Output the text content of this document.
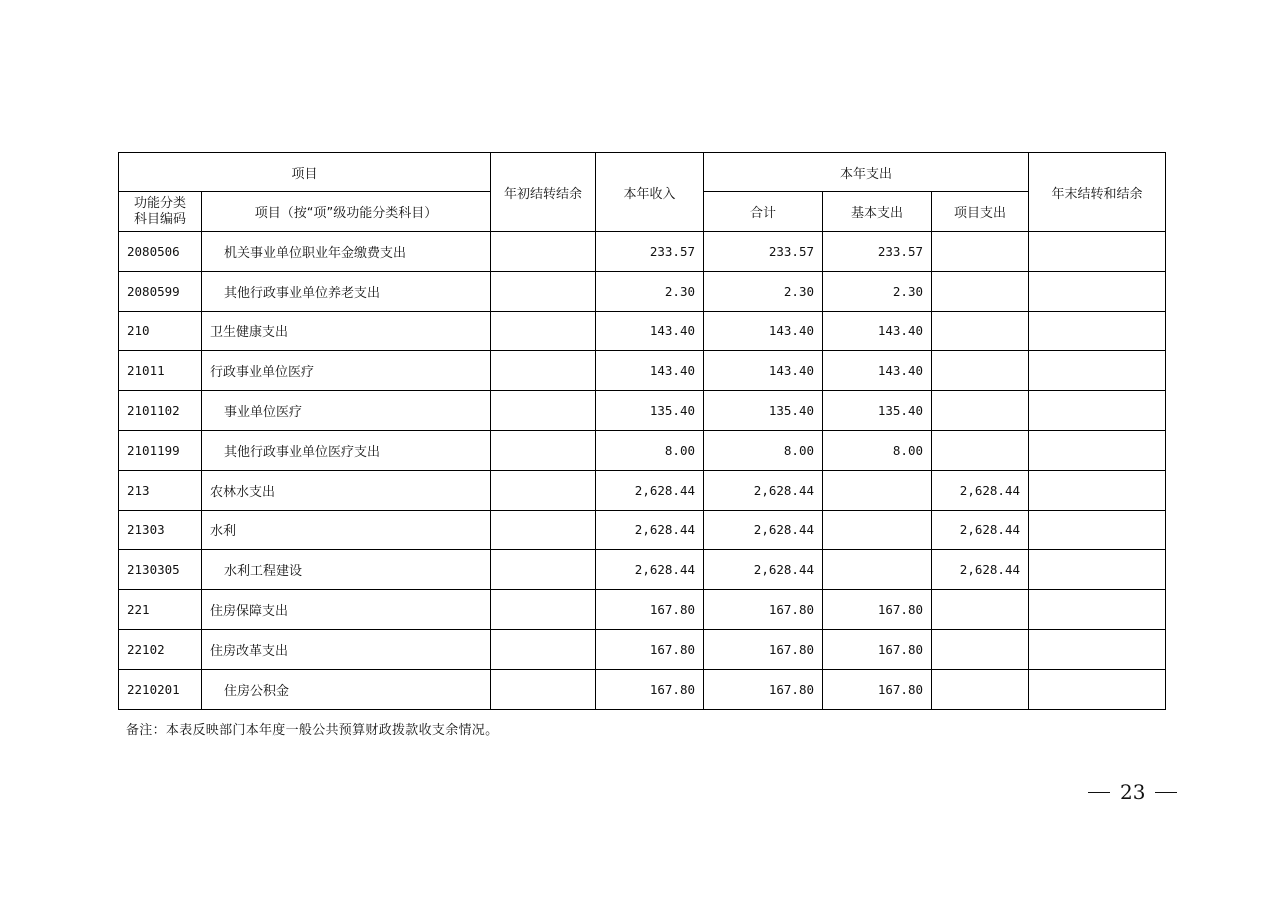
项目		年初结转结余	本年收入	本年支出			年末结转和结余
功能分类
科目编码	项目（按“项”级功能分类科目）			合计	基本支出	项目支出	
2080506	机关事业单位职业年金缴费支出		233.57	233.57	233.57		
2080599	其他行政事业单位养老支出		2.30	2.30	2.30		
210	卫生健康支出		143.40	143.40	143.40		
21011	行政事业单位医疗		143.40	143.40	143.40		
2101102	事业单位医疗		135.40	135.40	135.40		
2101199	其他行政事业单位医疗支出		8.00	8.00	8.00		
213	农林水支出		2,628.44	2,628.44		2,628.44	
21303	水利		2,628.44	2,628.44		2,628.44	
2130305	水利工程建设		2,628.44	2,628.44		2,628.44	
221	住房保障支出		167.80	167.80	167.80		
22102	住房改革支出		167.80	167.80	167.80		
2210201	住房公积金		167.80	167.80	167.80		
备注：本表反映部门本年度一般公共预算财政拨款收支余情况。
23
